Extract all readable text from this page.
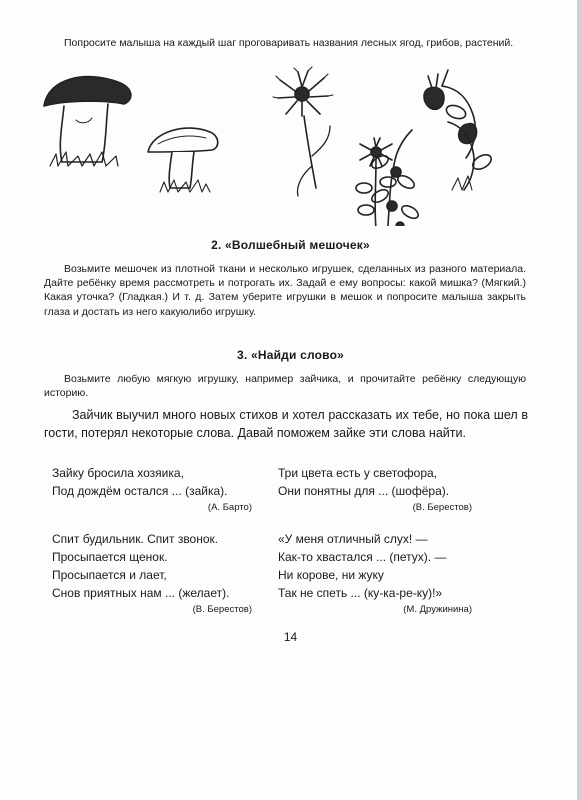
Попросите малыша на каждый шаг проговаривать названия лесных ягод, грибов, растений.

2. «Волшебный мешочек»

Возьмите мешочек из плотной ткани и несколько игрушек, сделанных из разного материала. Дайте ребёнку время рассмотреть и потрогать их. Задай е ему вопросы: какой мишка? (Мягкий.) Какая уточка? (Гладкая.) И т. д. Затем уберите игрушки в мешок и попросите малыша закрыть глаза и достать из него какуюлибо игрушку.

3. «Найди слово»

Возьмите любую мягкую игрушку, например зайчика, и прочитайте ребёнку следующую историю.

Зайчик выучил много новых стихов и хотел рассказать их тебе, но пока шел в гости, потерял некоторые слова. Давай поможем зайке эти слова найти.

Зайку бросила хозяика,
Под дождём остался ... (зайка).
(А. Барто)
Три цвета есть у светофора,
Они понятны для ... (шофёра).
(В. Берестов)
Спит будильник. Спит звонок.
Просыпается щенок.
Просыпается и лает,
Снов приятных нам ... (желает).
(В. Берестов)
«У меня отличный слух! —
Как-то хвастался ... (петух). —
Ни корове, ни жуку
Так не спеть ... (ку-ка-ре-ку)!»
(М. Дружинина)
14
